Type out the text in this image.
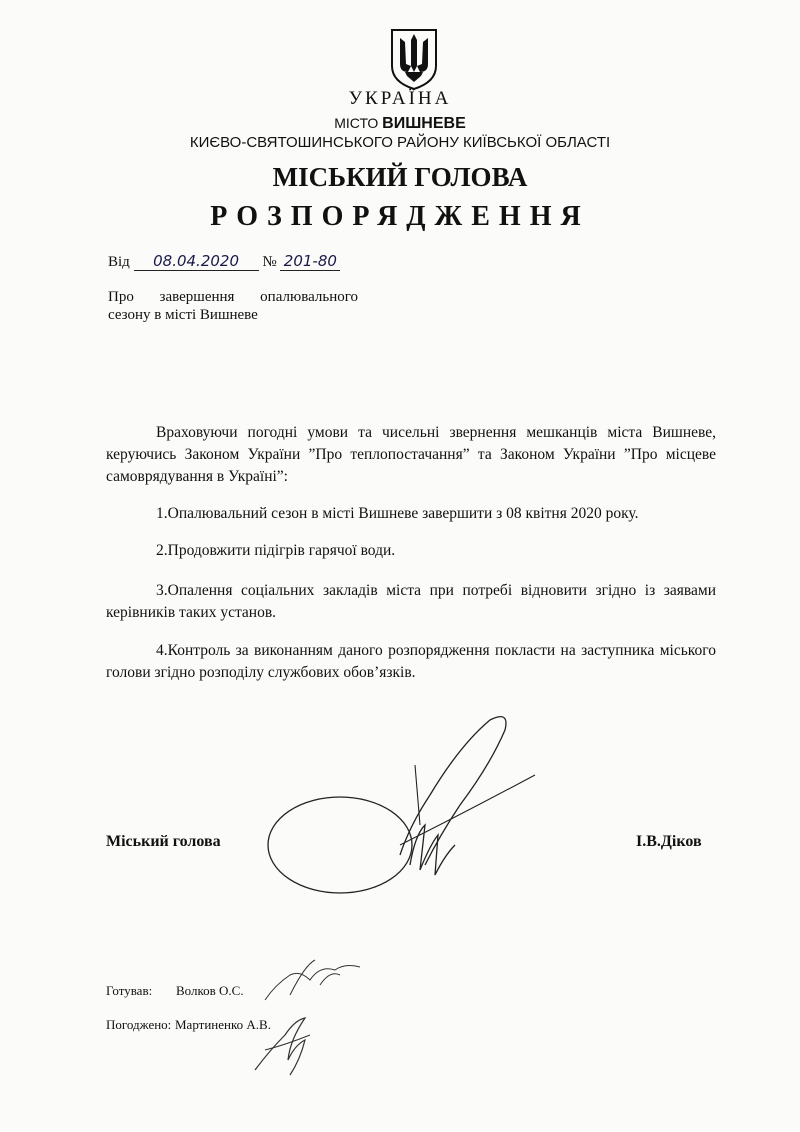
УКРАЇНА
МІСТО ВИШНЕВЕ
КИЄВО-СВЯТОШИНСЬКОГО РАЙОНУ КИЇВСЬКОЇ ОБЛАСТІ
МІСЬКИЙ ГОЛОВА
РОЗПОРЯДЖЕННЯ
Від 08.04.2020 № 201-80
Про завершення опалювального сезону в місті Вишневе
Враховуючи погодні умови та чисельні звернення мешканців міста Вишневе, керуючись Законом України ”Про теплопостачання” та Законом України ”Про місцеве самоврядування в Україні”:
1.Опалювальний сезон в місті Вишневе завершити з 08 квітня 2020 року.
2.Продовжити підігрів гарячої води.
3.Опалення соціальних закладів міста при потребі відновити згідно із заявами керівників таких установ.
4.Контроль за виконанням даного розпорядження покласти на заступника міського голови згідно розподілу службових обов’язків.
Міський голова	І.В.Діков
Готував: Волков О.С.
Погоджено: Мартиненко А.В.
